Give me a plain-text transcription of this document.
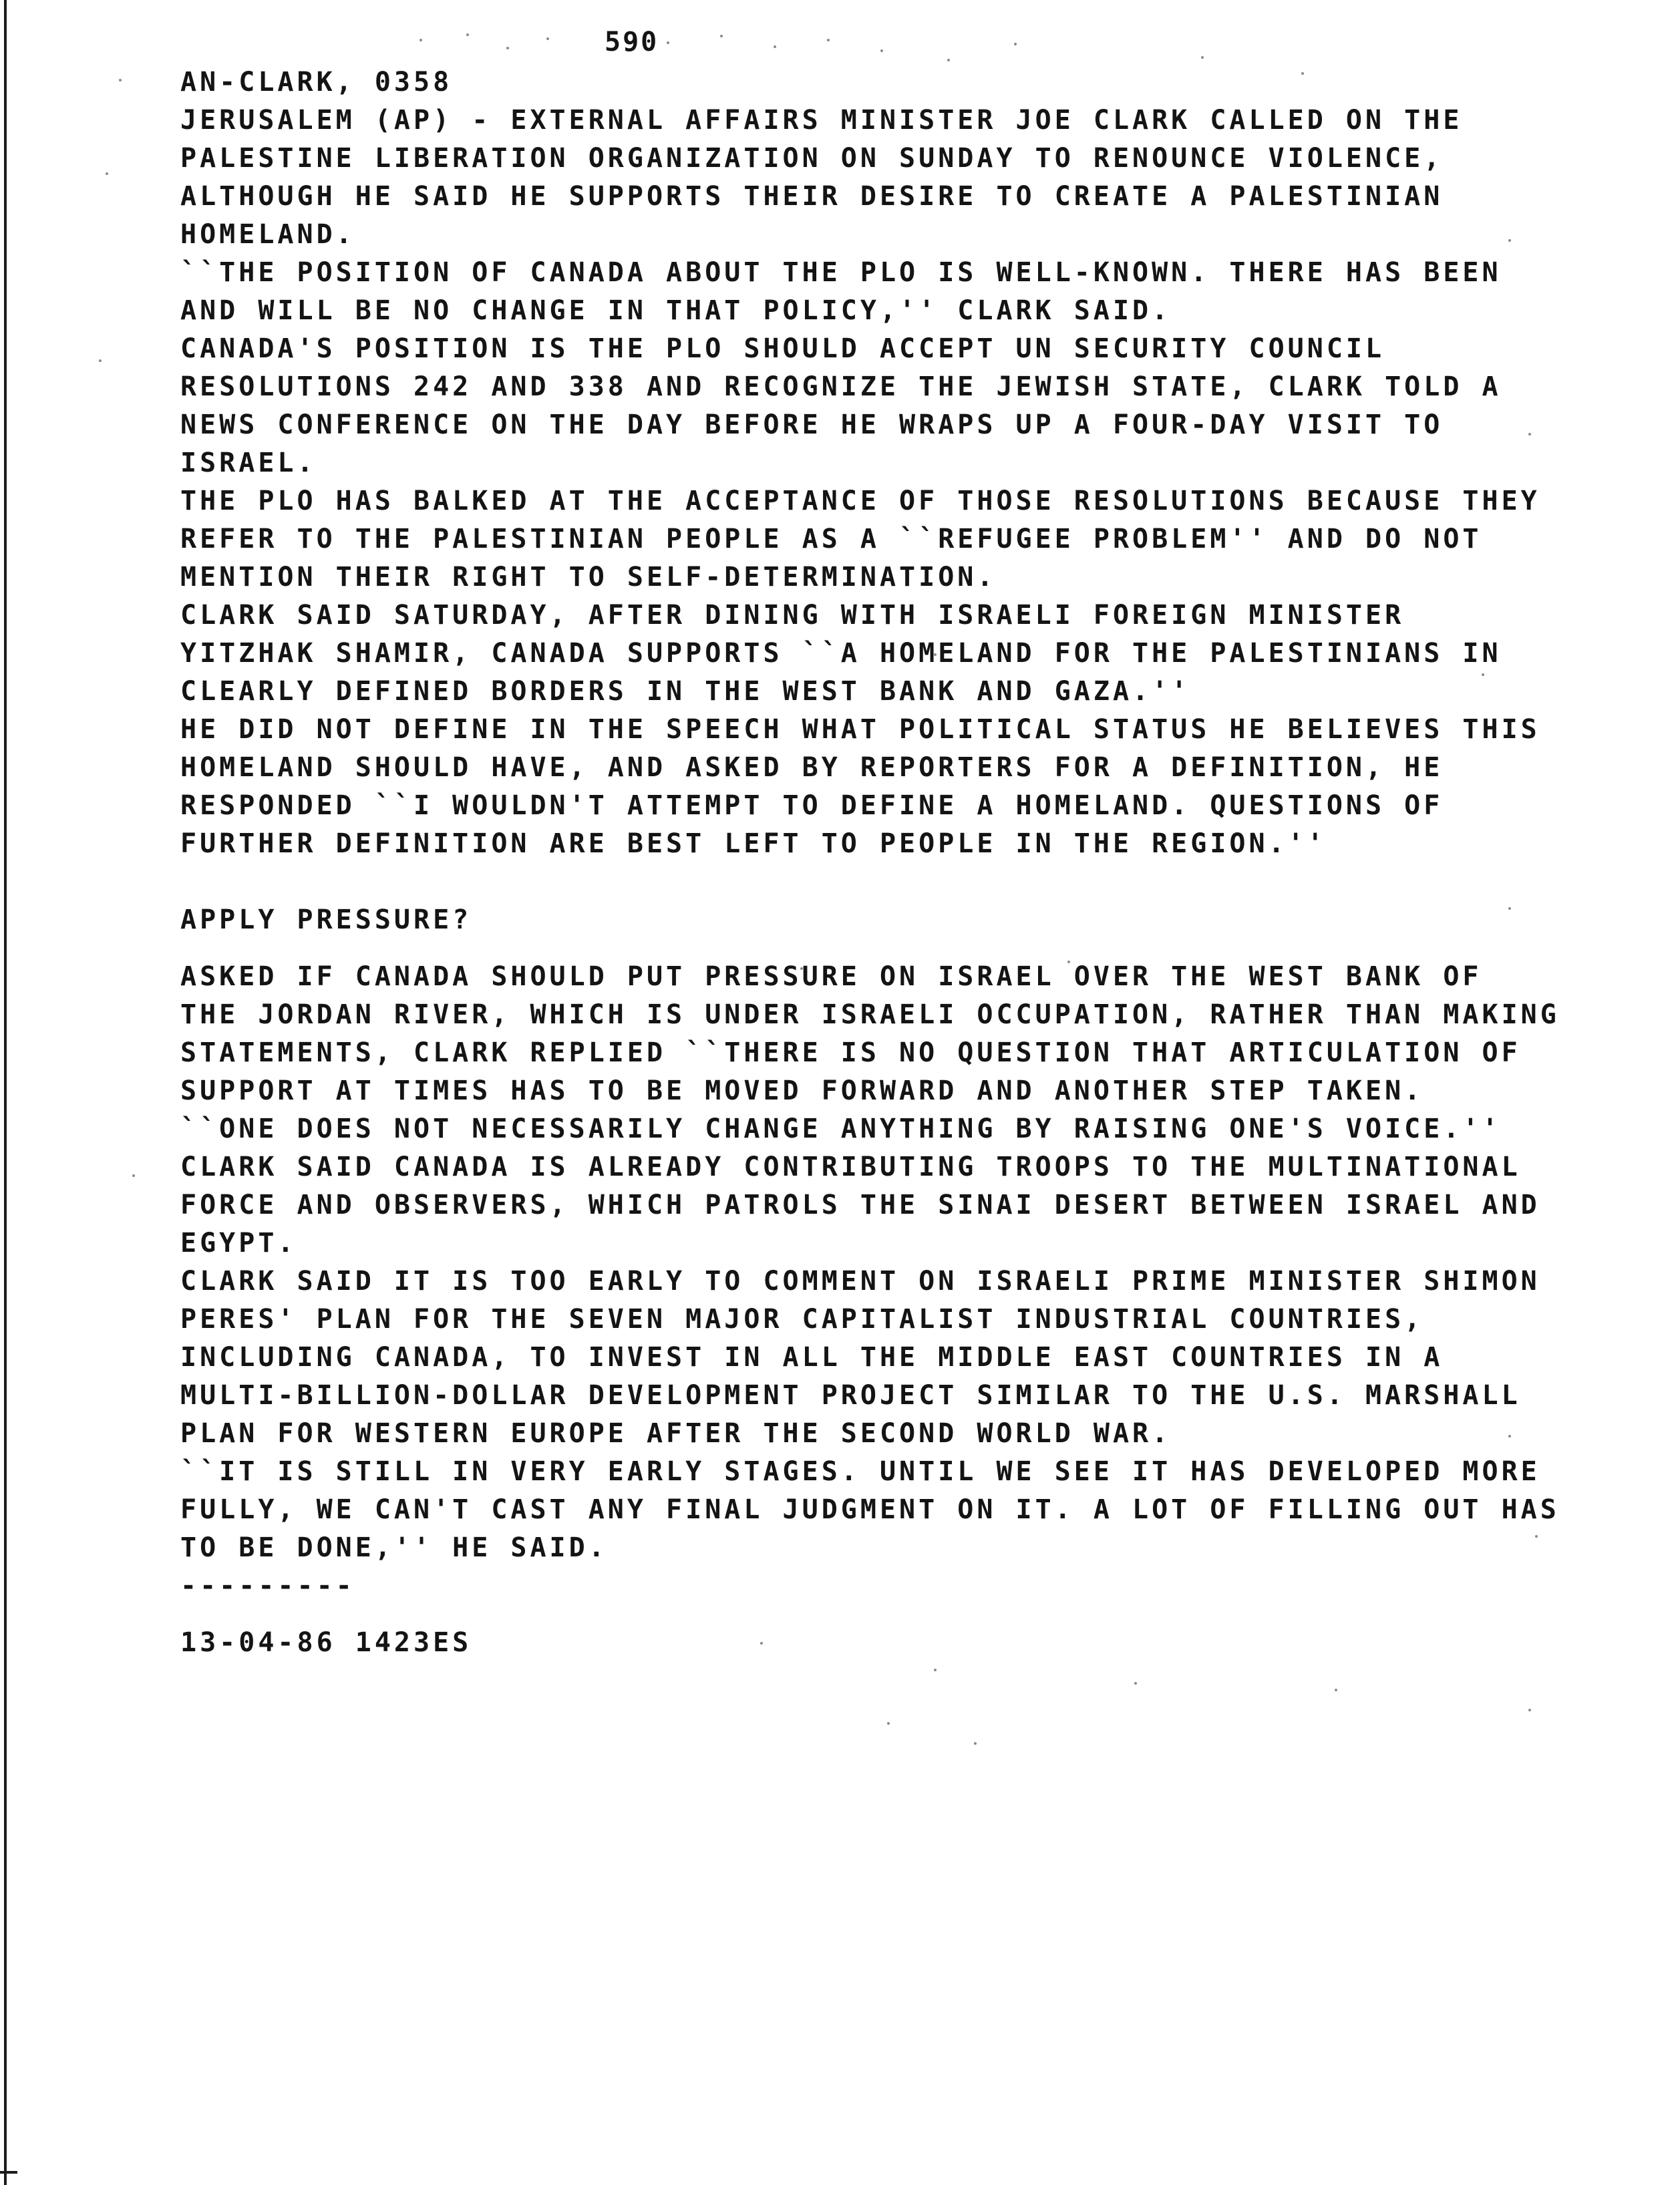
590
AN-CLARK, 0358
JERUSALEM (AP) - EXTERNAL AFFAIRS MINISTER JOE CLARK CALLED ON THE
PALESTINE LIBERATION ORGANIZATION ON SUNDAY TO RENOUNCE VIOLENCE,
ALTHOUGH HE SAID HE SUPPORTS THEIR DESIRE TO CREATE A PALESTINIAN
HOMELAND.
``THE POSITION OF CANADA ABOUT THE PLO IS WELL-KNOWN. THERE HAS BEEN
AND WILL BE NO CHANGE IN THAT POLICY,'' CLARK SAID.
CANADA'S POSITION IS THE PLO SHOULD ACCEPT UN SECURITY COUNCIL
RESOLUTIONS 242 AND 338 AND RECOGNIZE THE JEWISH STATE, CLARK TOLD A
NEWS CONFERENCE ON THE DAY BEFORE HE WRAPS UP A FOUR-DAY VISIT TO
ISRAEL.
THE PLO HAS BALKED AT THE ACCEPTANCE OF THOSE RESOLUTIONS BECAUSE THEY
REFER TO THE PALESTINIAN PEOPLE AS A ``REFUGEE PROBLEM'' AND DO NOT
MENTION THEIR RIGHT TO SELF-DETERMINATION.
CLARK SAID SATURDAY, AFTER DINING WITH ISRAELI FOREIGN MINISTER
YITZHAK SHAMIR, CANADA SUPPORTS ``A HOMELAND FOR THE PALESTINIANS IN
CLEARLY DEFINED BORDERS IN THE WEST BANK AND GAZA.''
HE DID NOT DEFINE IN THE SPEECH WHAT POLITICAL STATUS HE BELIEVES THIS
HOMELAND SHOULD HAVE, AND ASKED BY REPORTERS FOR A DEFINITION, HE
RESPONDED ``I WOULDN'T ATTEMPT TO DEFINE A HOMELAND. QUESTIONS OF
FURTHER DEFINITION ARE BEST LEFT TO PEOPLE IN THE REGION.''
APPLY PRESSURE?
ASKED IF CANADA SHOULD PUT PRESSURE ON ISRAEL OVER THE WEST BANK OF
THE JORDAN RIVER, WHICH IS UNDER ISRAELI OCCUPATION, RATHER THAN MAKING
STATEMENTS, CLARK REPLIED ``THERE IS NO QUESTION THAT ARTICULATION OF
SUPPORT AT TIMES HAS TO BE MOVED FORWARD AND ANOTHER STEP TAKEN.
``ONE DOES NOT NECESSARILY CHANGE ANYTHING BY RAISING ONE'S VOICE.''
CLARK SAID CANADA IS ALREADY CONTRIBUTING TROOPS TO THE MULTINATIONAL
FORCE AND OBSERVERS, WHICH PATROLS THE SINAI DESERT BETWEEN ISRAEL AND
EGYPT.
CLARK SAID IT IS TOO EARLY TO COMMENT ON ISRAELI PRIME MINISTER SHIMON
PERES' PLAN FOR THE SEVEN MAJOR CAPITALIST INDUSTRIAL COUNTRIES,
INCLUDING CANADA, TO INVEST IN ALL THE MIDDLE EAST COUNTRIES IN A
MULTI-BILLION-DOLLAR DEVELOPMENT PROJECT SIMILAR TO THE U.S. MARSHALL
PLAN FOR WESTERN EUROPE AFTER THE SECOND WORLD WAR.
``IT IS STILL IN VERY EARLY STAGES. UNTIL WE SEE IT HAS DEVELOPED MORE
FULLY, WE CAN'T CAST ANY FINAL JUDGMENT ON IT. A LOT OF FILLING OUT HAS
TO BE DONE,'' HE SAID.
---------
13-04-86 1423ES
